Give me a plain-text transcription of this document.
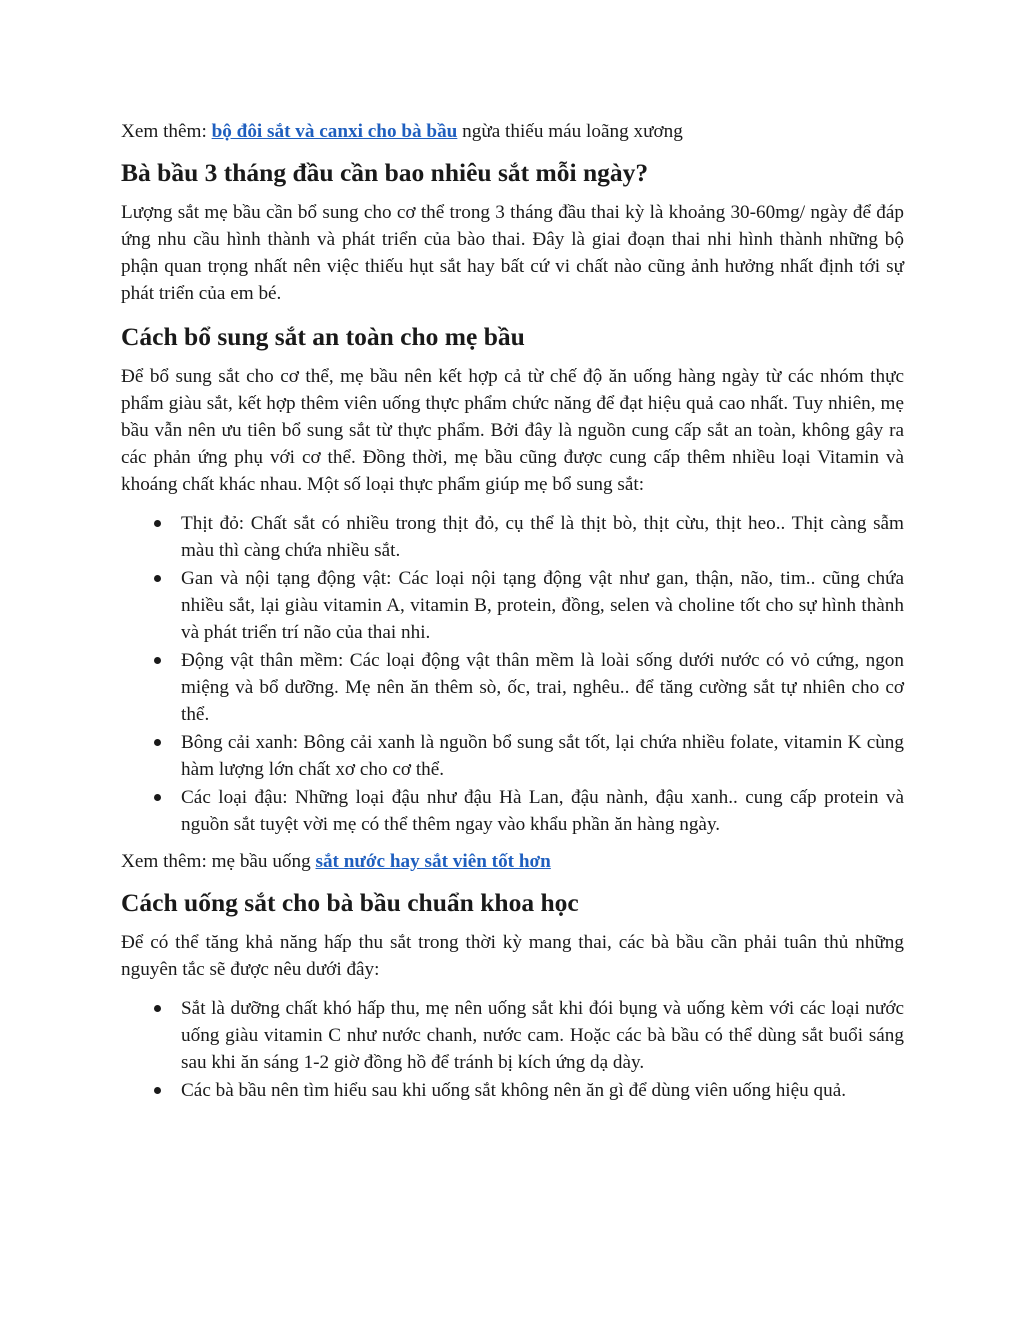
Xem thêm: bộ đôi sắt và canxi cho bà bầu ngừa thiếu máu loãng xương

Bà bầu 3 tháng đầu cần bao nhiêu sắt mỗi ngày?

Lượng sắt mẹ bầu cần bổ sung cho cơ thể trong 3 tháng đầu thai kỳ là khoảng 30-60mg/ ngày để đáp ứng nhu cầu hình thành và phát triển của bào thai. Đây là giai đoạn thai nhi hình thành những bộ phận quan trọng nhất nên việc thiếu hụt sắt hay bất cứ vi chất nào cũng ảnh hưởng nhất định tới sự phát triển của em bé.

Cách bổ sung sắt an toàn cho mẹ bầu

Để bổ sung sắt cho cơ thể, mẹ bầu nên kết hợp cả từ chế độ ăn uống hàng ngày từ các nhóm thực phẩm giàu sắt, kết hợp thêm viên uống thực phẩm chức năng để đạt hiệu quả cao nhất. Tuy nhiên, mẹ bầu vẫn nên ưu tiên bổ sung sắt từ thực phẩm. Bởi đây là nguồn cung cấp sắt an toàn, không gây ra các phản ứng phụ với cơ thể. Đồng thời, mẹ bầu cũng được cung cấp thêm nhiều loại Vitamin và khoáng chất khác nhau. Một số loại thực phẩm giúp mẹ bổ sung sắt:

Thịt đỏ: Chất sắt có nhiều trong thịt đỏ, cụ thể là thịt bò, thịt cừu, thịt heo.. Thịt càng sẫm màu thì càng chứa nhiều sắt.
Gan và nội tạng động vật: Các loại nội tạng động vật như gan, thận, não, tim.. cũng chứa nhiều sắt, lại giàu vitamin A, vitamin B, protein, đồng, selen và choline tốt cho sự hình thành và phát triển trí não của thai nhi.
Động vật thân mềm: Các loại động vật thân mềm là loài sống dưới nước có vỏ cứng, ngon miệng và bổ dưỡng. Mẹ nên ăn thêm sò, ốc, trai, nghêu.. để tăng cường sắt tự nhiên cho cơ thể.
Bông cải xanh: Bông cải xanh là nguồn bổ sung sắt tốt, lại chứa nhiều folate, vitamin K cùng hàm lượng lớn chất xơ cho cơ thể.
Các loại đậu: Những loại đậu như đậu Hà Lan, đậu nành, đậu xanh.. cung cấp protein và nguồn sắt tuyệt vời mẹ có thể thêm ngay vào khẩu phần ăn hàng ngày.

Xem thêm: mẹ bầu uống sắt nước hay sắt viên tốt hơn

Cách uống sắt cho bà bầu chuẩn khoa học

Để có thể tăng khả năng hấp thu sắt trong thời kỳ mang thai, các bà bầu cần phải tuân thủ những nguyên tắc sẽ được nêu dưới đây:

Sắt là dưỡng chất khó hấp thu, mẹ nên uống sắt khi đói bụng và uống kèm với các loại nước uống giàu vitamin C như nước chanh, nước cam. Hoặc các bà bầu có thể dùng sắt buổi sáng sau khi ăn sáng 1-2 giờ đồng hồ để tránh bị kích ứng dạ dày.
Các bà bầu nên tìm hiểu sau khi uống sắt không nên ăn gì để dùng viên uống hiệu quả.
